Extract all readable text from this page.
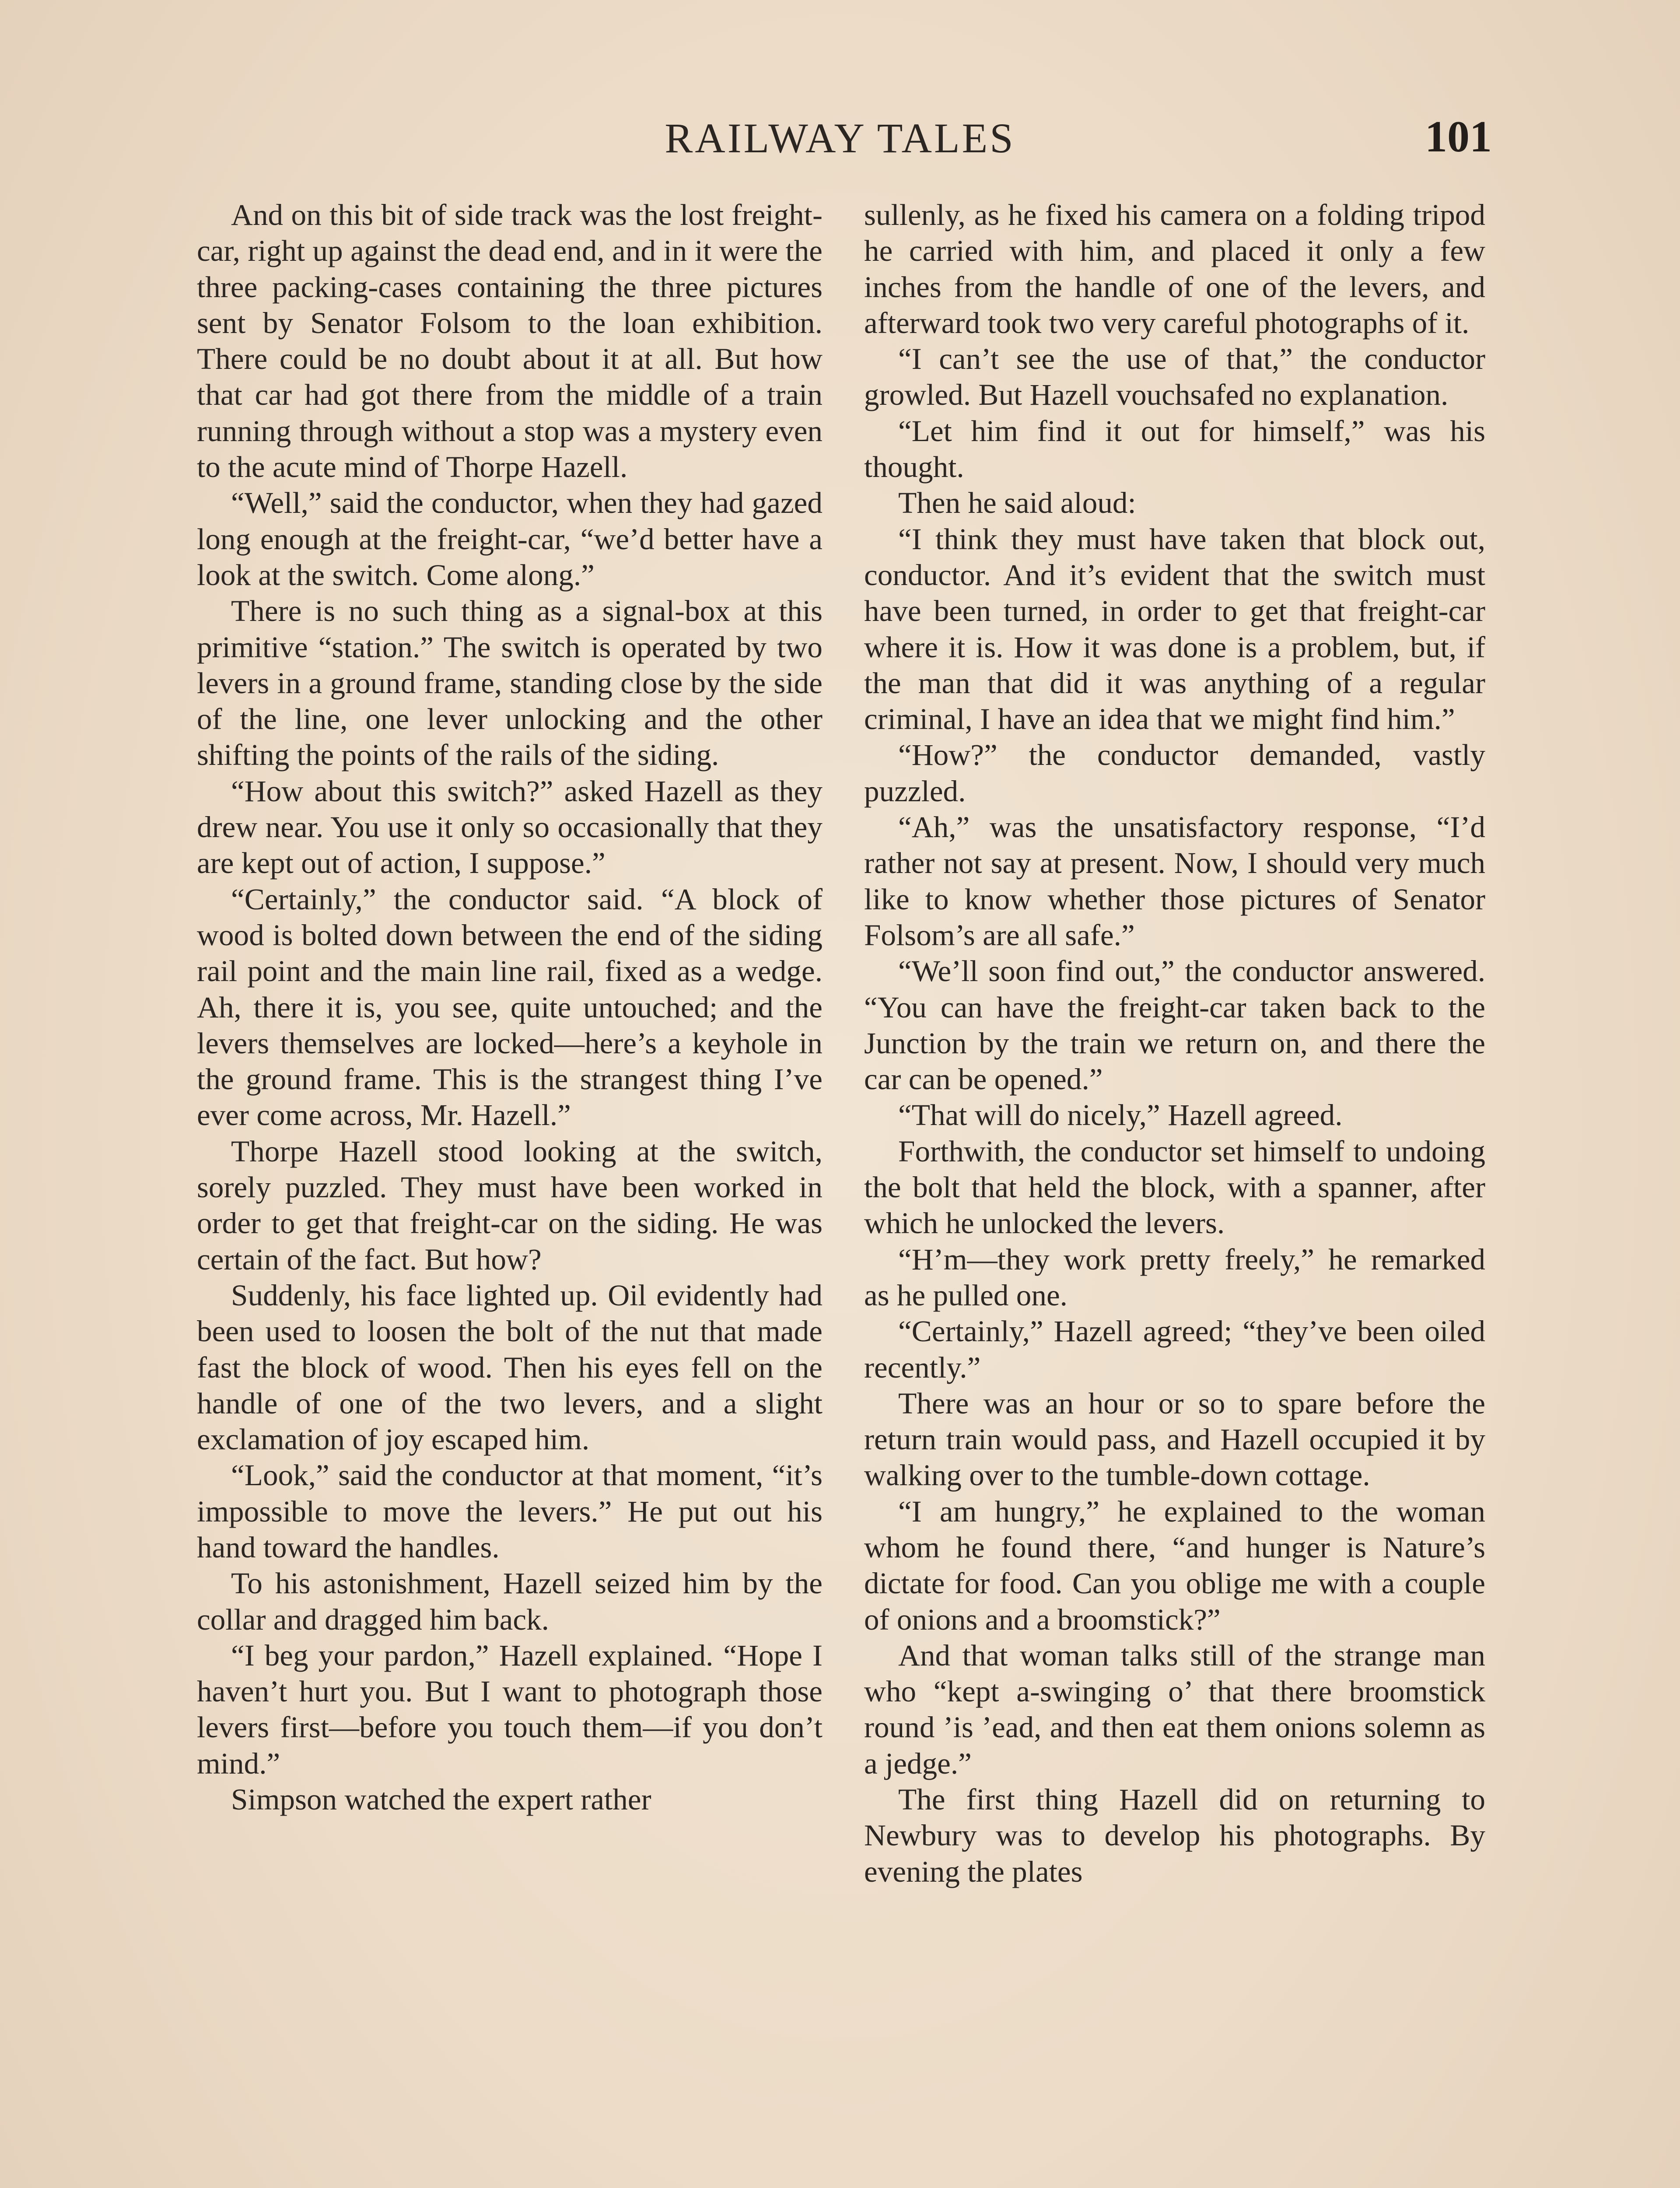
RAILWAY TALES	101

And on this bit of side track was the lost freight-car, right up against the dead end, and in it were the three packing-cases containing the three pictures sent by Senator Folsom to the loan exhibition. There could be no doubt about it at all. But how that car had got there from the middle of a train running through without a stop was a mystery even to the acute mind of Thorpe Hazell.

“Well,” said the conductor, when they had gazed long enough at the freight-car, “we’d better have a look at the switch. Come along.”

There is no such thing as a signal-box at this primitive “station.” The switch is operated by two levers in a ground frame, standing close by the side of the line, one lever unlocking and the other shifting the points of the rails of the siding.

“How about this switch?” asked Hazell as they drew near. You use it only so occasionally that they are kept out of action, I suppose.”

“Certainly,” the conductor said. “A block of wood is bolted down between the end of the siding rail point and the main line rail, fixed as a wedge. Ah, there it is, you see, quite untouched; and the levers themselves are locked—here’s a keyhole in the ground frame. This is the strangest thing I’ve ever come across, Mr. Hazell.”

Thorpe Hazell stood looking at the switch, sorely puzzled. They must have been worked in order to get that freight-car on the siding. He was certain of the fact. But how?

Suddenly, his face lighted up. Oil evidently had been used to loosen the bolt of the nut that made fast the block of wood. Then his eyes fell on the handle of one of the two levers, and a slight exclamation of joy escaped him.

“Look,” said the conductor at that moment, “it’s impossible to move the levers.” He put out his hand toward the handles.

To his astonishment, Hazell seized him by the collar and dragged him back.

“I beg your pardon,” Hazell explained. “Hope I haven’t hurt you. But I want to photograph those levers first—before you touch them—if you don’t mind.”

Simpson watched the expert rather

sullenly, as he fixed his camera on a folding tripod he carried with him, and placed it only a few inches from the handle of one of the levers, and afterward took two very careful photographs of it.

“I can’t see the use of that,” the conductor growled. But Hazell vouchsafed no explanation.

“Let him find it out for himself,” was his thought.

Then he said aloud:

“I think they must have taken that block out, conductor. And it’s evident that the switch must have been turned, in order to get that freight-car where it is. How it was done is a problem, but, if the man that did it was anything of a regular criminal, I have an idea that we might find him.”

“How?” the conductor demanded, vastly puzzled.

“Ah,” was the unsatisfactory response, “I’d rather not say at present. Now, I should very much like to know whether those pictures of Senator Folsom’s are all safe.”

“We’ll soon find out,” the conductor answered. “You can have the freight-car taken back to the Junction by the train we return on, and there the car can be opened.”

“That will do nicely,” Hazell agreed.

Forthwith, the conductor set himself to undoing the bolt that held the block, with a spanner, after which he unlocked the levers.

“H’m—they work pretty freely,” he remarked as he pulled one.

“Certainly,” Hazell agreed; “they’ve been oiled recently.”

There was an hour or so to spare before the return train would pass, and Hazell occupied it by walking over to the tumble-down cottage.

“I am hungry,” he explained to the woman whom he found there, “and hunger is Nature’s dictate for food. Can you oblige me with a couple of onions and a broomstick?”

And that woman talks still of the strange man who “kept a-swinging o’ that there broomstick round ’is ’ead, and then eat them onions solemn as a jedge.”

The first thing Hazell did on returning to Newbury was to develop his photographs. By evening the plates
